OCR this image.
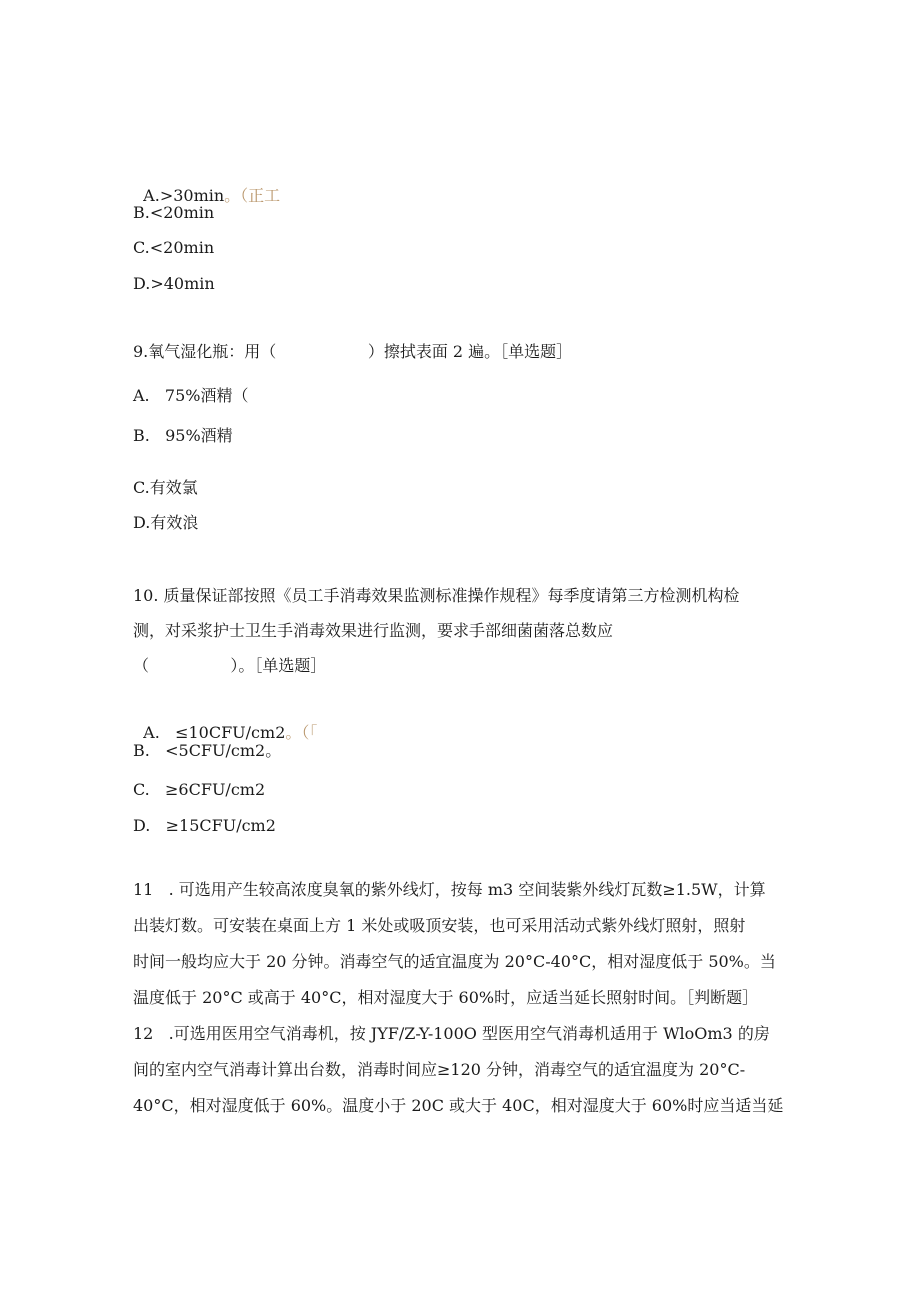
A.>30min。（正工

B.<20min
C.<20min
D.>40min
9.氧气湿化瓶：用（                  ）擦拭表面 2 遍。［单选题］
A.   75%酒精（
B.   95%酒精
C.有效氯
D.有效浪
10. 质量保证部按照《员工手消毒效果监测标准操作规程》每季度请第三方检测机构检
测，对采浆护士卫生手消毒效果进行监测，要求手部细菌菌落总数应
（                ）。［单选题］

A.   ≤10CFU∕cm2。（「

B.   <5CFU∕cm2。
C.   ≥6CFU∕cm2
D.   ≥15CFU∕cm2
11   . 可选用产生较高浓度臭氧的紫外线灯，按每 m3 空间装紫外线灯瓦数≥1.5W，计算
出装灯数。可安装在桌面上方 1 米处或吸顶安装，也可采用活动式紫外线灯照射，照射
时间一般均应大于 20 分钟。消毒空气的适宜温度为 20°C-40°C，相对湿度低于 50%。当
温度低于 20°C 或高于 40°C，相对湿度大于 60%时，应适当延长照射时间。［判断题］
12   .可选用医用空气消毒机，按 JYF∕Z-Y-100O 型医用空气消毒机适用于 WloOm3 的房
间的室内空气消毒计算出台数，消毒时间应≥120 分钟，消毒空气的适宜温度为 20°C-
40°C，相对湿度低于 60%。温度小于 20C 或大于 40C，相对湿度大于 60%时应当适当延
